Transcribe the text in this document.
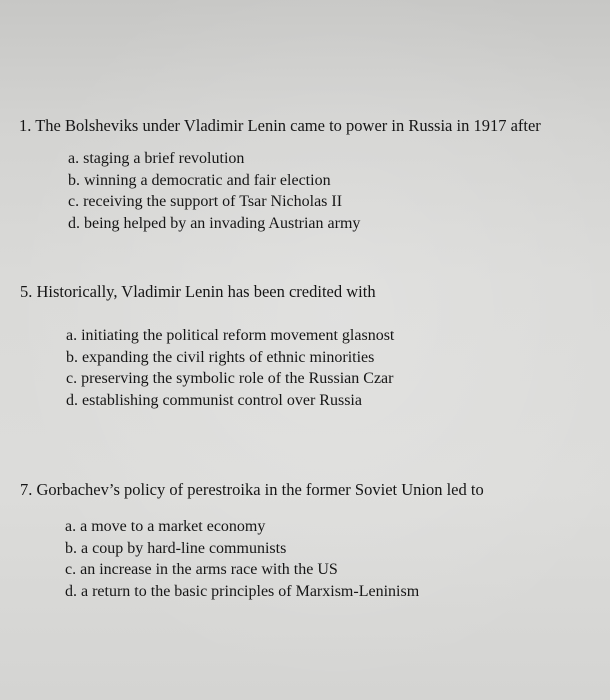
1. The Bolsheviks under Vladimir Lenin came to power in Russia in 1917 after
a. staging a brief revolution
b. winning a democratic and fair election
c. receiving the support of Tsar Nicholas II
d. being helped by an invading Austrian army
5. Historically, Vladimir Lenin has been credited with
a. initiating the political reform movement glasnost
b. expanding the civil rights of ethnic minorities
c. preserving the symbolic role of the Russian Czar
d. establishing communist control over Russia
7. Gorbachev’s policy of perestroika in the former Soviet Union led to
a. a move to a market economy
b. a coup by hard-line communists
c. an increase in the arms race with the US
d. a return to the basic principles of Marxism-Leninism
